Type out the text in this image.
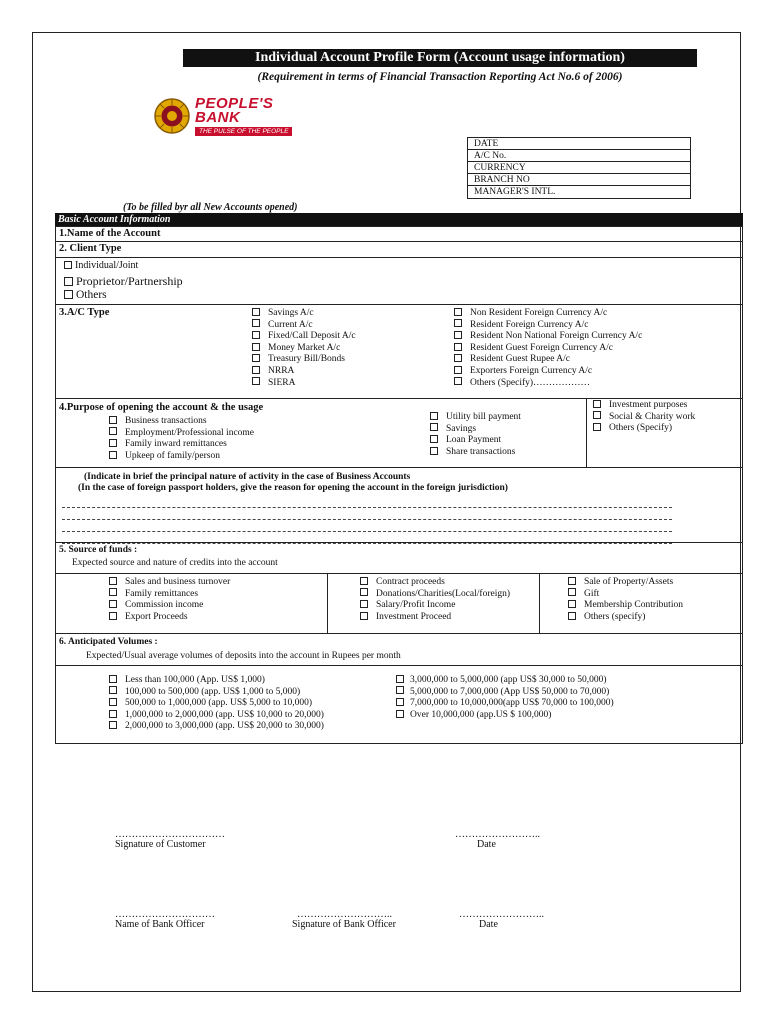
Individual Account Profile Form (Account usage information)
(Requirement in terms of Financial Transaction Reporting Act No.6 of 2006)
PEOPLE'S
BANK
THE PULSE OF THE PEOPLE
DATE
A/C No.
CURRENCY
BRANCH NO
MANAGER'S INTL.
(To be filled byr all New Accounts opened)
Basic Account Information
1.Name of the Account
2. Client Type
Individual/Joint
Proprietor/Partnership
Others
3.A/C Type	Savings A/c
Current A/c
Fixed/Call Deposit A/c
Money Market A/c
Treasury Bill/Bonds
NRRA
SIERA
Non Resident Foreign Currency A/c
Resident Foreign Currency A/c
Resident Non National Foreign Currency A/c
Resident Guest Foreign Currency A/c
Resident Guest Rupee A/c
Exporters Foreign Currency A/c
Others (Specify)………………
4.Purpose of opening the account & the usage
Business transactions
Employment/Professional income
Family inward remittances
Upkeep of family/person
Utility bill payment
Savings
Loan Payment
Share transactions
Investment purposes
Social & Charity work
Others (Specify)
(Indicate in brief the principal nature of activity in the case of Business Accounts
(In the case of foreign passport holders, give the reason for opening the account in the foreign jurisdiction)
5. Source of funds :
Expected source and nature of credits into the account
Sales and business turnover
Family remittances
Commission income
Export Proceeds
Contract proceeds
Donations/Charities(Local/foreign)
Salary/Profit Income
Investment Proceed
Sale of Property/Assets
Gift
Membership Contribution
Others (specify)
6. Anticipated Volumes :
Expected/Usual average volumes of deposits into the account in Rupees per month
Less than 100,000 (App. US$ 1,000)
100,000 to 500,000 (app. US$ 1,000 to 5,000)
500,000 to 1,000,000 (app. US$ 5,000 to 10,000)
1,000,000 to 2,000,000 (app. US$ 10,000 to 20,000)
2,000,000 to 3,000,000 (app. US$ 20,000 to 30,000)
3,000,000 to 5,000,000 (app US$ 30,000 to 50,000)
5,000,000 to 7,000,000 (App US$ 50,000 to 70,000)
7,000,000 to 10,000,000(app US$ 70,000 to 100,000)
Over 10,000,000 (app.US $ 100,000)
……………………………
Signature of Customer
……………………..
Date
…………………………
Name of Bank Officer
………………………..
Signature of Bank Officer
……………………..
Date
